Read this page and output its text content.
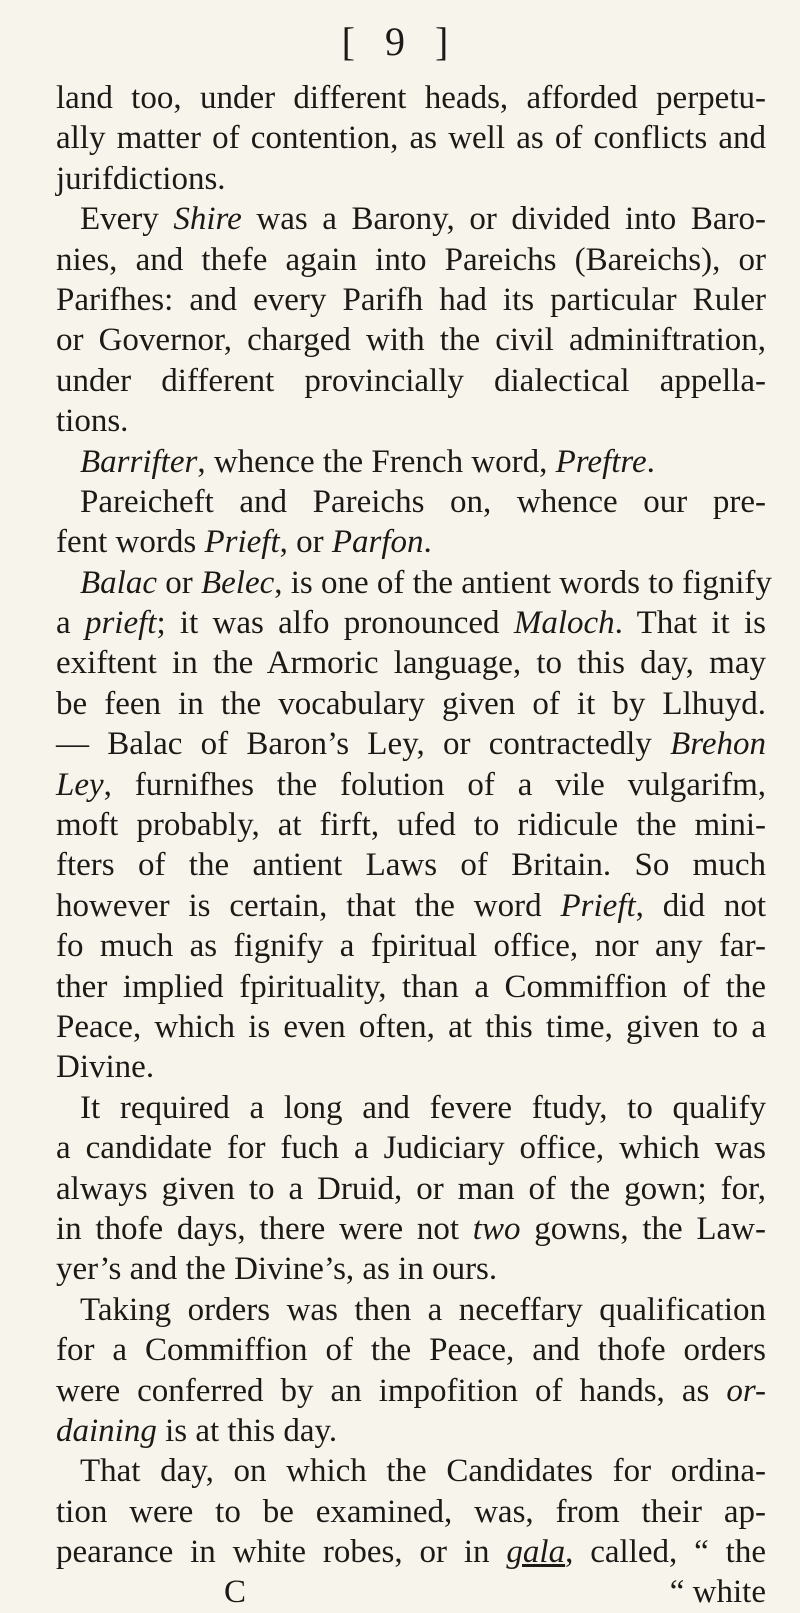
[ 9 ]
land too, under different heads, afforded perpetu-
ally matter of contention, as well as of conflicts and
jurifdictions.
Every Shire was a Barony, or divided into Baro-
nies, and thefe again into Pareichs (Bareichs), or
Parifhes: and every Parifh had its particular Ruler
or Governor, charged with the civil adminiftration,
under different provincially dialectical appella-
tions.
Barrifter, whence the French word, Preftre.
Pareicheft and Pareichs on, whence our pre-
fent words Prieft, or Parfon.
Balac or Belec, is one of the antient words to fignify
a prieft; it was alfo pronounced Maloch. That it is
exiftent in the Armoric language, to this day, may
be feen in the vocabulary given of it by Llhuyd.
— Balac of Baron’s Ley, or contractedly Brehon
Ley, furnifhes the folution of a vile vulgarifm,
moft probably, at firft, ufed to ridicule the mini-
fters of the antient Laws of Britain. So much
however is certain, that the word Prieft, did not
fo much as fignify a fpiritual office, nor any far-
ther implied fpirituality, than a Commiffion of the
Peace, which is even often, at this time, given to a
Divine.
It required a long and fevere ftudy, to qualify
a candidate for fuch a Judiciary office, which was
always given to a Druid, or man of the gown; for,
in thofe days, there were not two gowns, the Law-
yer’s and the Divine’s, as in ours.
Taking orders was then a neceffary qualification
for a Commiffion of the Peace, and thofe orders
were conferred by an impofition of hands, as or-
daining is at this day.
That day, on which the Candidates for ordina-
tion were to be examined, was, from their ap-
pearance in white robes, or in gala, called, “ the
C	“ white
